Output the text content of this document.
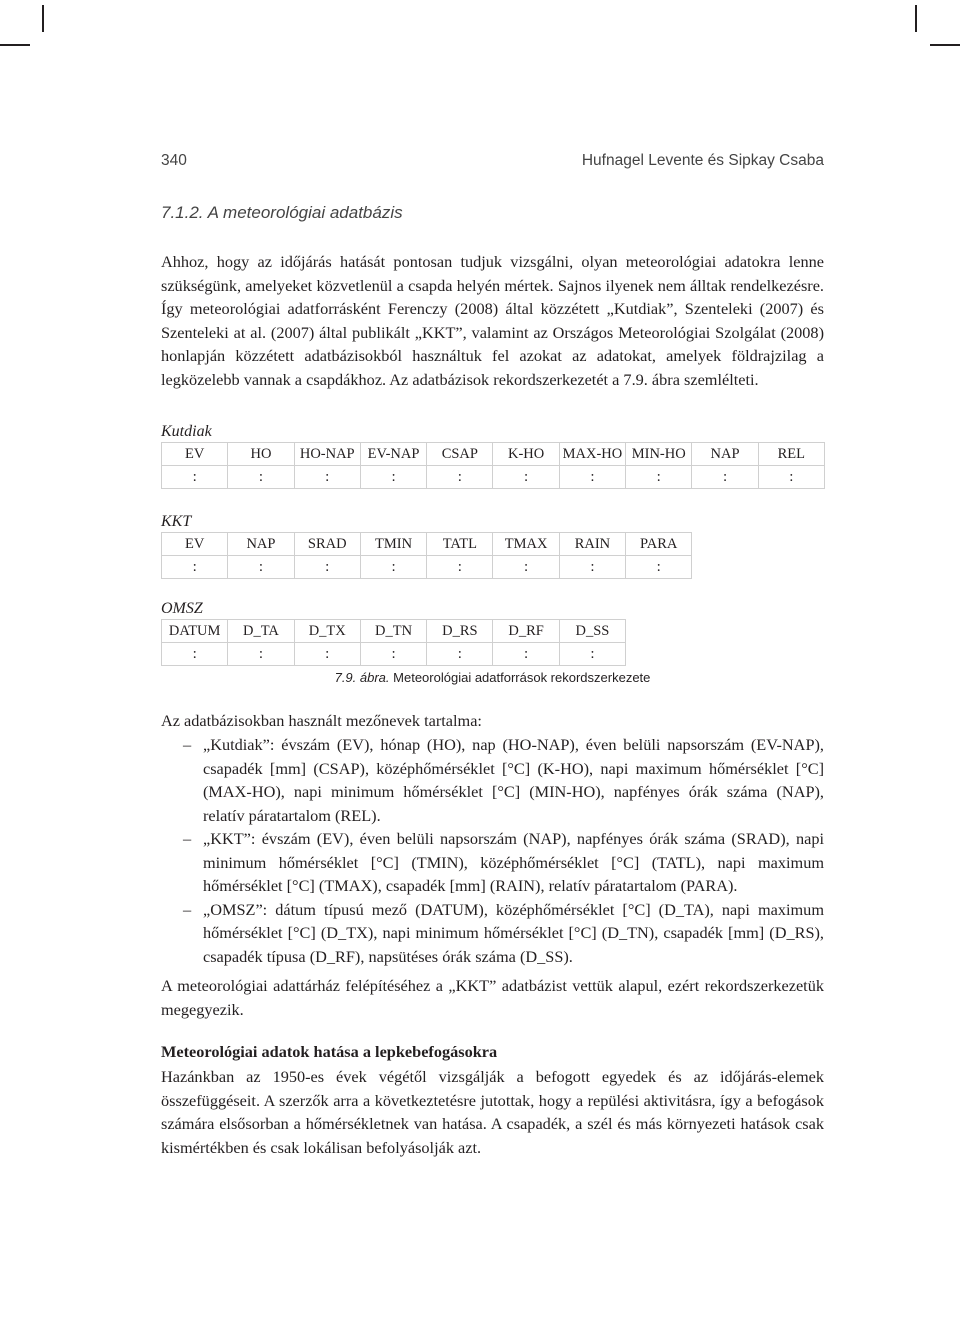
340	Hufnagel Levente és Sipkay Csaba
7.1.2. A meteorológiai adatbázis

Ahhoz, hogy az időjárás hatását pontosan tudjuk vizsgálni, olyan meteorológiai adatokra lenne szükségünk, amelyeket közvetlenül a csapda helyén mértek. Sajnos ilyenek nem álltak rendelkezésre. Így meteorológiai adatforrásként Ferenczy (2008) által közzétett „Kutdiak”, Szenteleki (2007) és Szenteleki at al. (2007) által publikált „KKT”, valamint az Országos Meteorológiai Szolgálat (2008) honlapján közzétett adatbázisokból használtuk fel azokat az adatokat, amelyek földrajzilag a legközelebb vannak a csapdákhoz. Az adatbázisok rekordszerkezetét a 7.9. ábra szemlélteti.

Kutdiak
EV	HO	HO-NAP	EV-NAP	CSAP	K-HO	MAX-HO	MIN-HO	NAP	REL
:	:	:	:	:	:	:	:	:	:
KKT
EV	NAP	SRAD	TMIN	TATL	TMAX	RAIN	PARA
:	:	:	:	:	:	:	:
OMSZ
DATUM	D_TA	D_TX	D_TN	D_RS	D_RF	D_SS
:	:	:	:	:	:	:
7.9. ábra. Meteorológiai adatforrások rekordszerkezete

Az adatbázisokban használt mezőnevek tartalma:

– „Kutdiak”: évszám (EV), hónap (HO), nap (HO-NAP), éven belüli napsorszám (EV-NAP), csapadék [mm] (CSAP), középhőmérséklet [°C] (K-HO), napi maximum hőmérséklet [°C] (MAX-HO), napi minimum hőmérséklet [°C] (MIN-HO), napfényes órák száma (NAP), relatív páratartalom (REL).
– „KKT”: évszám (EV), éven belüli napsorszám (NAP), napfényes órák száma (SRAD), napi minimum hőmérséklet [°C] (TMIN), középhőmérséklet [°C] (TATL), napi maximum hőmérséklet [°C] (TMAX), csapadék [mm] (RAIN), relatív páratartalom (PARA).
– „OMSZ”: dátum típusú mező (DATUM), középhőmérséklet [°C] (D_TA), napi maximum hőmérséklet [°C] (D_TX), napi minimum hőmérséklet [°C] (D_TN), csapadék [mm] (D_RS), csapadék típusa (D_RF), napsütéses órák száma (D_SS).

A meteorológiai adattárház felépítéséhez a „KKT” adatbázist vettük alapul, ezért rekordszerkezetük megegyezik.

Meteorológiai adatok hatása a lepkebefogásokra

Hazánkban az 1950-es évek végétől vizsgálják a befogott egyedek és az időjárás-elemek összefüggéseit. A szerzők arra a következtetésre jutottak, hogy a repülési aktivitásra, így a befogások számára elsősorban a hőmérsékletnek van hatása. A csapadék, a szél és más környezeti hatások csak kismértékben és csak lokálisan befolyásolják azt.
